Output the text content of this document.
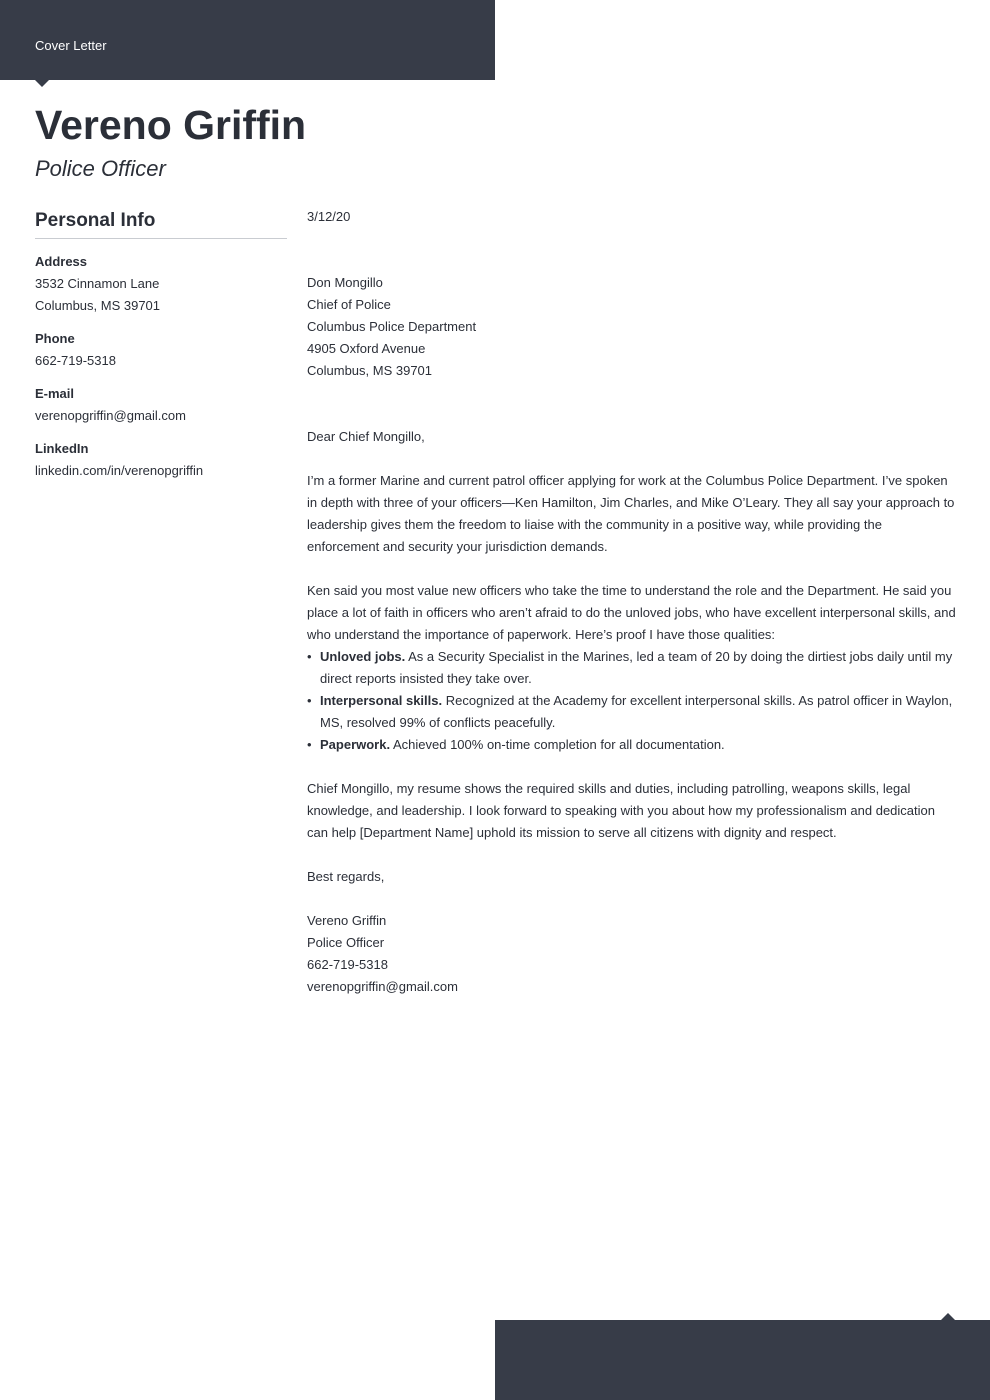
Cover Letter
Vereno Griffin
Police Officer
Personal Info
Address
3532 Cinnamon Lane
Columbus, MS 39701
Phone
662-719-5318
E-mail
verenopgriffin@gmail.com
LinkedIn
linkedin.com/in/verenopgriffin

3/12/20

Don Mongillo

Chief of Police

Columbus Police Department

4905 Oxford Avenue

Columbus, MS 39701

Dear Chief Mongillo,

I’m a former Marine and current patrol officer applying for work at the Columbus Police Department. I’ve spoken in depth with three of your officers—Ken Hamilton, Jim Charles, and Mike O’Leary. They all say your approach to leadership gives them the freedom to liaise with the community in a positive way, while providing the enforcement and security your jurisdiction demands.

Ken said you most value new officers who take the time to understand the role and the Department. He said you place a lot of faith in officers who aren’t afraid to do the unloved jobs, who have excellent interpersonal skills, and who understand the importance of paperwork. Here’s proof I have those qualities:

• Unloved jobs. As a Security Specialist in the Marines, led a team of 20 by doing the dirtiest jobs daily until my direct reports insisted they take over.
• Interpersonal skills. Recognized at the Academy for excellent interpersonal skills. As patrol officer in Waylon, MS, resolved 99% of conflicts peacefully.
• Paperwork. Achieved 100% on-time completion for all documentation.

Chief Mongillo, my resume shows the required skills and duties, including patrolling, weapons skills, legal knowledge, and leadership. I look forward to speaking with you about how my professionalism and dedication can help [Department Name] uphold its mission to serve all citizens with dignity and respect.

Best regards,

Vereno Griffin

Police Officer

662-719-5318

verenopgriffin@gmail.com
